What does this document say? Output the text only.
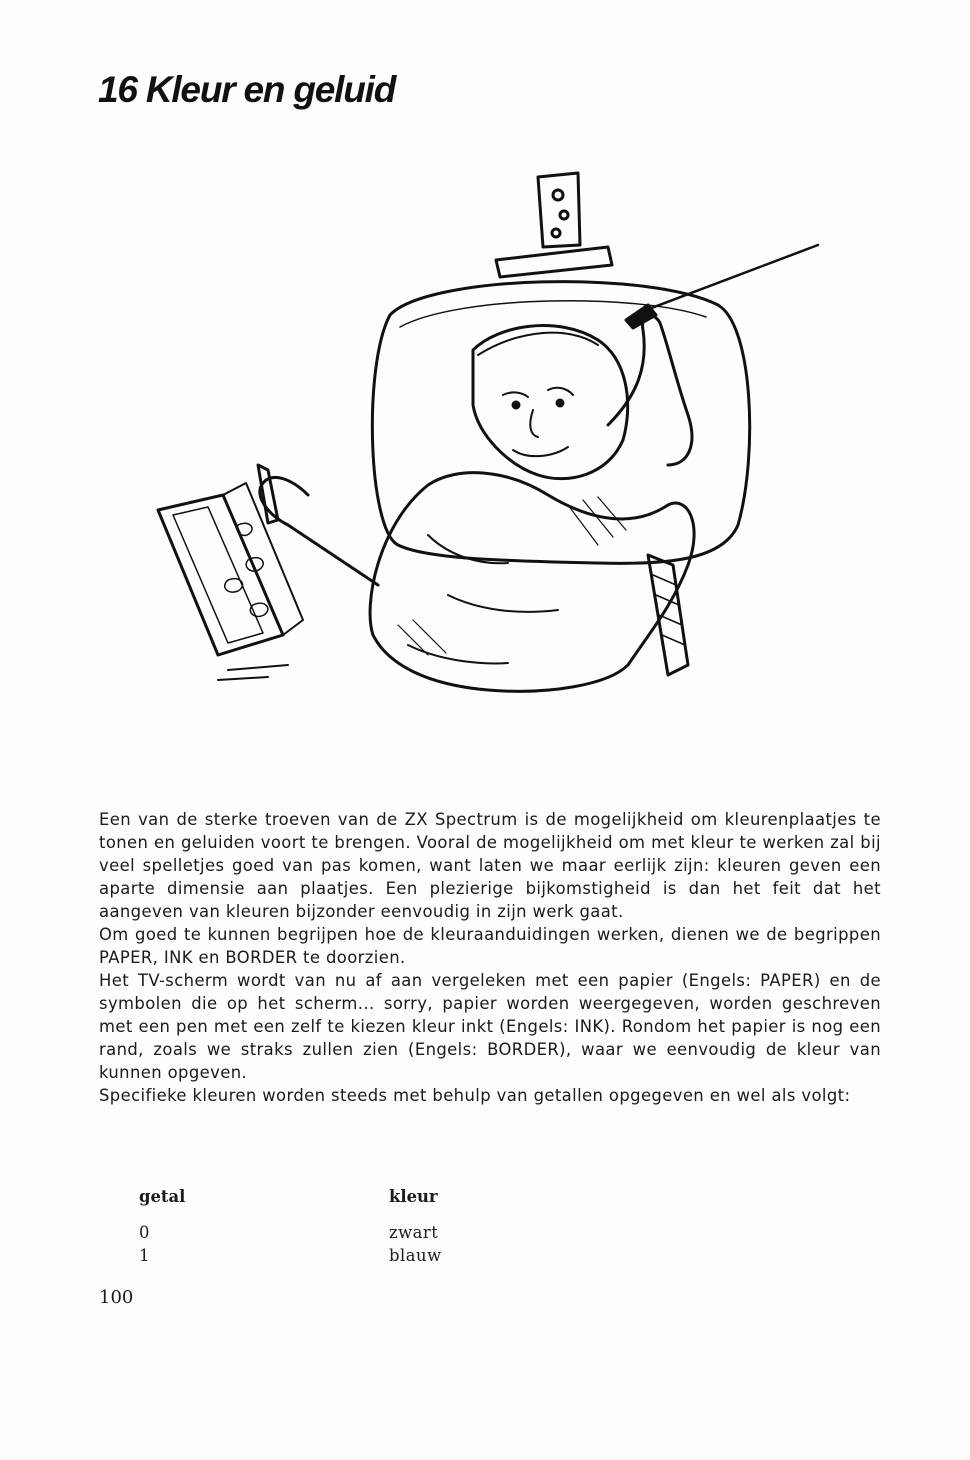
16 Kleur en geluid

Een van de sterke troeven van de ZX Spectrum is de mogelijkheid om kleurenplaatjes te tonen en geluiden voort te brengen. Vooral de mogelijkheid om met kleur te werken zal bij veel spelletjes goed van pas komen, want laten we maar eerlijk zijn: kleuren geven een aparte dimensie aan plaatjes. Een plezierige bijkomstigheid is dan het feit dat het aangeven van kleuren bijzonder eenvoudig in zijn werk gaat.

Om goed te kunnen begrijpen hoe de kleuraanduidingen werken, dienen we de begrippen PAPER, INK en BORDER te doorzien.

Het TV-scherm wordt van nu af aan vergeleken met een papier (Engels: PAPER) en de symbolen die op het scherm... sorry, papier worden weergegeven, worden geschreven met een pen met een zelf te kiezen kleur inkt (Engels: INK). Rondom het papier is nog een rand, zoals we straks zullen zien (Engels: BORDER), waar we eenvoudig de kleur van kunnen opgeven.

Specifieke kleuren worden steeds met behulp van getallen opgegeven en wel als volgt:

getal	kleur
0	zwart
1	blauw

100
